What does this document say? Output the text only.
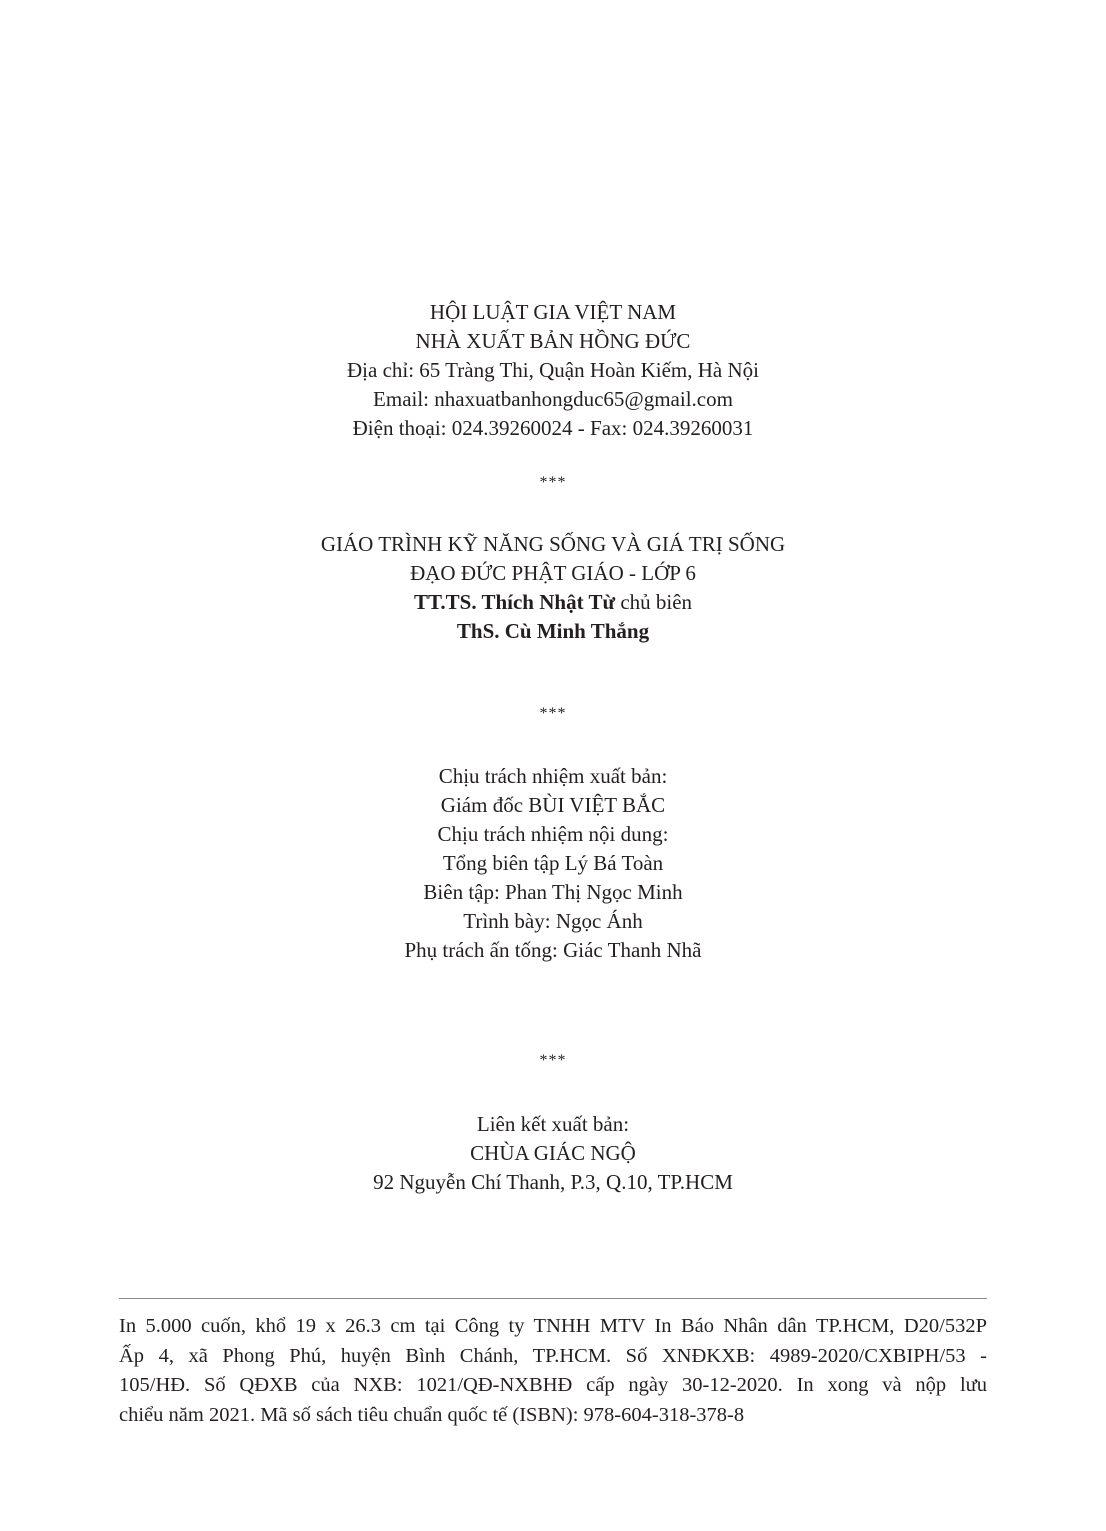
HỘI LUẬT GIA VIỆT NAM
NHÀ XUẤT BẢN HỒNG ĐỨC
Địa chỉ: 65 Tràng Thi, Quận Hoàn Kiếm, Hà Nội
Email: nhaxuatbanhongduc65@gmail.com
Điện thoại: 024.39260024 - Fax: 024.39260031
***
GIÁO TRÌNH KỸ NĂNG SỐNG VÀ GIÁ TRỊ SỐNG
ĐẠO ĐỨC PHẬT GIÁO - LỚP 6
TT.TS. Thích Nhật Từ chủ biên
ThS. Cù Minh Thắng
***
Chịu trách nhiệm xuất bản:
Giám đốc BÙI VIỆT BẮC
Chịu trách nhiệm nội dung:
Tổng biên tập Lý Bá Toàn
Biên tập: Phan Thị Ngọc Minh
Trình bày: Ngọc Ánh
Phụ trách ấn tống: Giác Thanh Nhã
***
Liên kết xuất bản:
CHÙA GIÁC NGỘ
92 Nguyễn Chí Thanh, P.3, Q.10, TP.HCM
In 5.000 cuốn, khổ 19 x 26.3 cm tại Công ty TNHH MTV In Báo Nhân dân TP.HCM, D20/532P
Ấp 4, xã Phong Phú, huyện Bình Chánh, TP.HCM. Số XNĐKXB: 4989-2020/CXBIPH/53 -
105/HĐ. Số QĐXB của NXB: 1021/QĐ-NXBHĐ cấp ngày 30-12-2020. In xong và nộp lưu
chiểu năm 2021. Mã số sách tiêu chuẩn quốc tế (ISBN): 978-604-318-378-8
